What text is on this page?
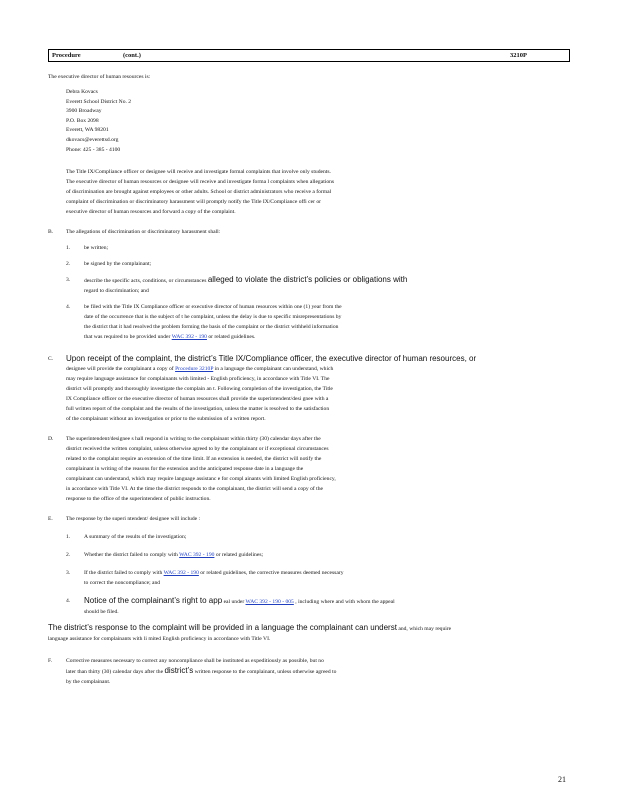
Procedure	(cont.)	3210P
The executive director of human resources is:
Debra Kovacs
Everett School District No. 2
3900 Broadway
P.O. Box 2098
Everett, WA 98201
dkovacs@everettsd.org
Phone: 425 - 385 - 4100
The Title IX/Compliance officer or designee will receive and investigate formal complaints that involve only students.
The executive director of human resources or designee will receive and investigate forma l complaints when allegations
of discrimination are brought against employees or other adults. School or district administrators who receive a formal
complaint of discrimination or discriminatory harassment will promptly notify the Title IX/Compliance offi cer or
executive director of human resources and forward a copy of the complaint.
B. The allegations of discrimination or discriminatory harassment shall:
1. be written;
2. be signed by the complainant;
3. describe the specific acts, conditions, or circumstances alleged to violate the district’s policies or obligations with
regard to discrimination; and
4. be filed with the Title IX Compliance officer or executive director of human resources within one (1) year from the
date of the occurrence that is the subject of t he complaint, unless the delay is due to specific misrepresentations by
the district that it had resolved the problem forming the basis of the complaint or the district withheld information
that was required to be provided under WAC 392 - 190 or related guidelines.
C. Upon receipt of the complaint, the district’s Title IX/Compliance officer, the executive director of human resources, or
designee will provide the complainant a copy of Procedure 3210P in a language the complainant can understand, which
may require language assistance for complainants with limited - English proficiency, in accordance with Title VI. The
district will promptly and thoroughly investigate the complain an t. Following completion of the investigation, the Title
IX Compliance officer or the executive director of human resources shall provide the superintendent/desi gnee with a
full written report of the complaint and the results of the investigation, unless the matter is resolved to the satisfaction
of the complainant without an investigation or prior to the submission of a written report.
D. The superintendent/designee s hall respond in writing to the complainant within thirty (30) calendar days after the
district received the written complaint, unless otherwise agreed to by the complainant or if exceptional circumstances
related to the complaint require an extension of the time limit. If an extension is needed, the district will notify the
complainant in writing of the reasons for the extension and the anticipated response date in a language the
complainant can understand, which may require language assistanc e for compl ainants with limited English proficiency,
in accordance with Title VI. At the time the district responds to the complainant, the district will send a copy of the
response to the office of the superintendent of public instruction.
E. The response by the superi ntendent/ designee will include :
1. A summary of the results of the investigation;
2. Whether the district failed to comply with WAC 392 - 190 or related guidelines;
3. If the district failed to comply with WAC 392 - 190 or related guidelines, the corrective measures deemed necessary
to correct the noncompliance; and
4. Notice of the complainant’s right to app eal under WAC 392 - 190 - 005 , including where and with whom the appeal
should be filed.
The district’s response to the complaint will be provided in a language the complainant can underst and, which may require
language assistance for complainants with li mited English proficiency in accordance with Title VI.
F. Corrective measures necessary to correct any noncompliance shall be instituted as expeditiously as possible, but no
later than thirty (30) calendar days after the district’s written response to the complainant, unless otherwise agreed to
by the complainant.
21
